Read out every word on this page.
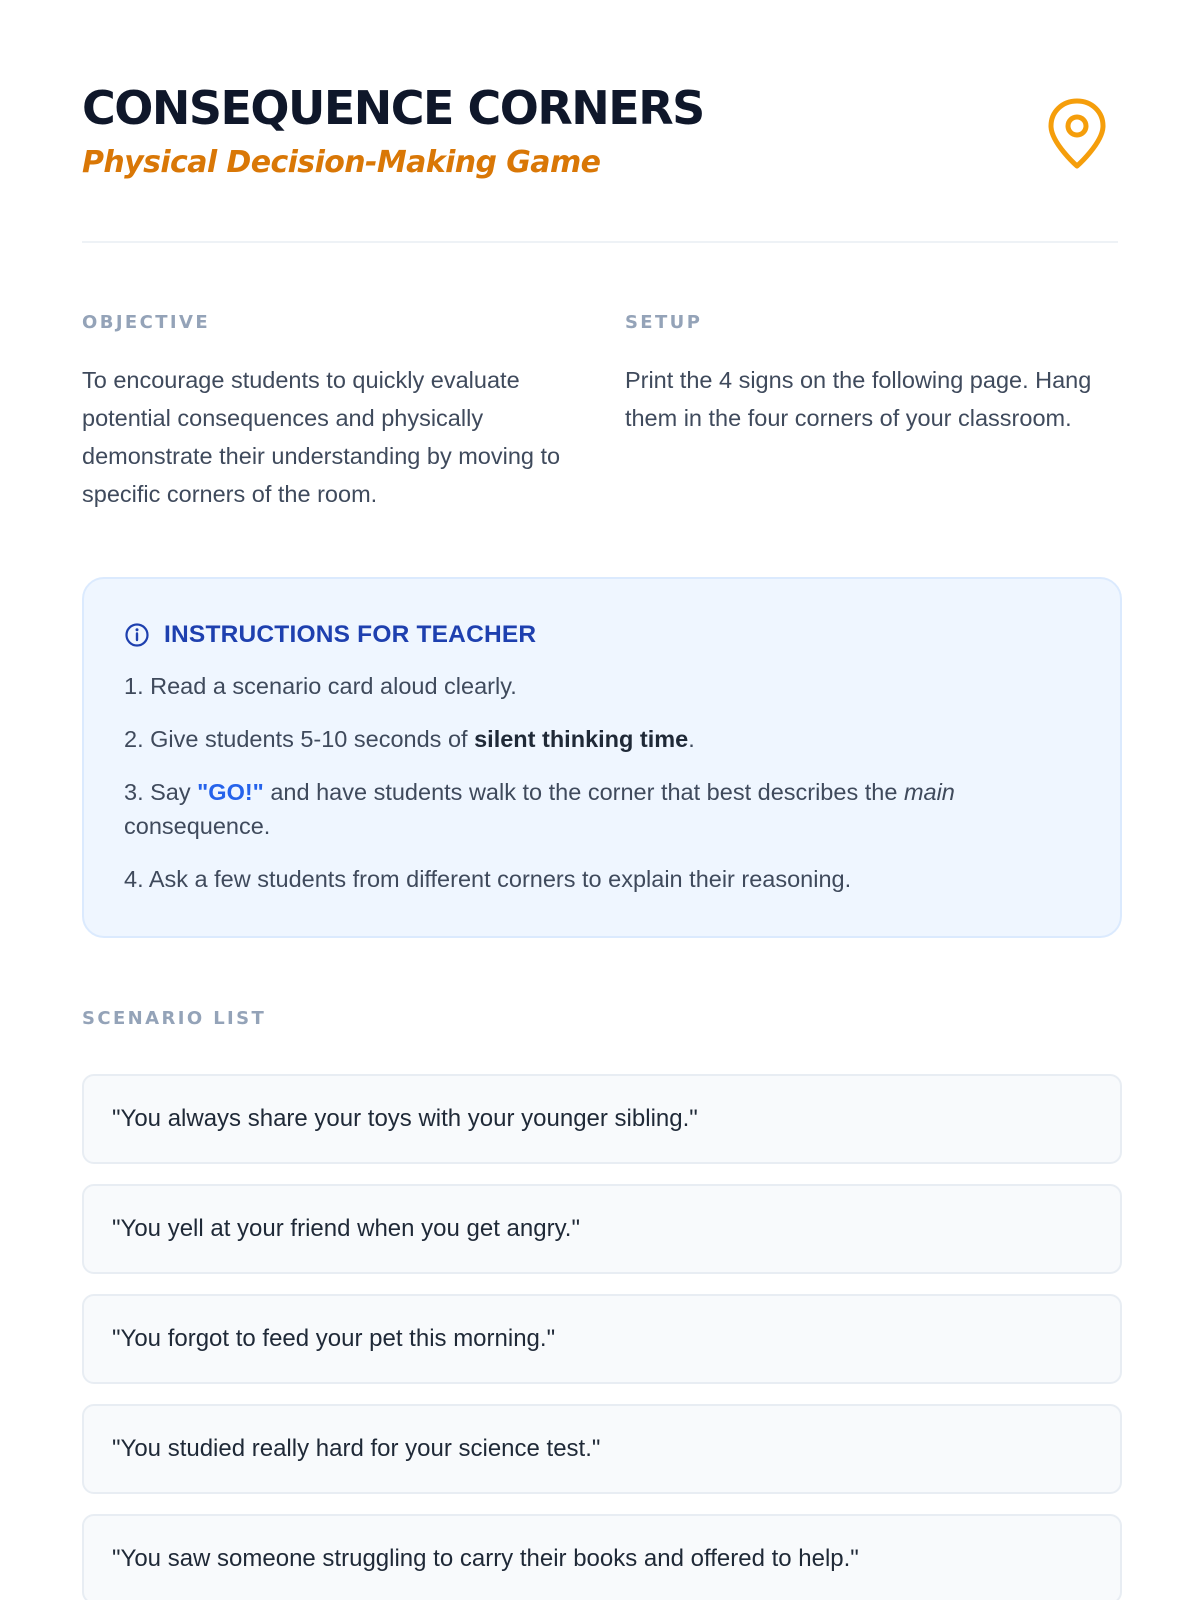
CONSEQUENCE CORNERS
Physical Decision-Making Game
OBJECTIVE

To encourage students to quickly evaluate potential consequences and physically demonstrate their understanding by moving to specific corners of the room.

SETUP

Print the 4 signs on the following page. Hang them in the four corners of your classroom.

INSTRUCTIONS FOR TEACHER
1. Read a scenario card aloud clearly.
2. Give students 5-10 seconds of silent thinking time.
3. Say "GO!" and have students walk to the corner that best describes the main consequence.
4. Ask a few students from different corners to explain their reasoning.
SCENARIO LIST
"You always share your toys with your younger sibling."
"You yell at your friend when you get angry."
"You forgot to feed your pet this morning."
"You studied really hard for your science test."
"You saw someone struggling to carry their books and offered to help."
